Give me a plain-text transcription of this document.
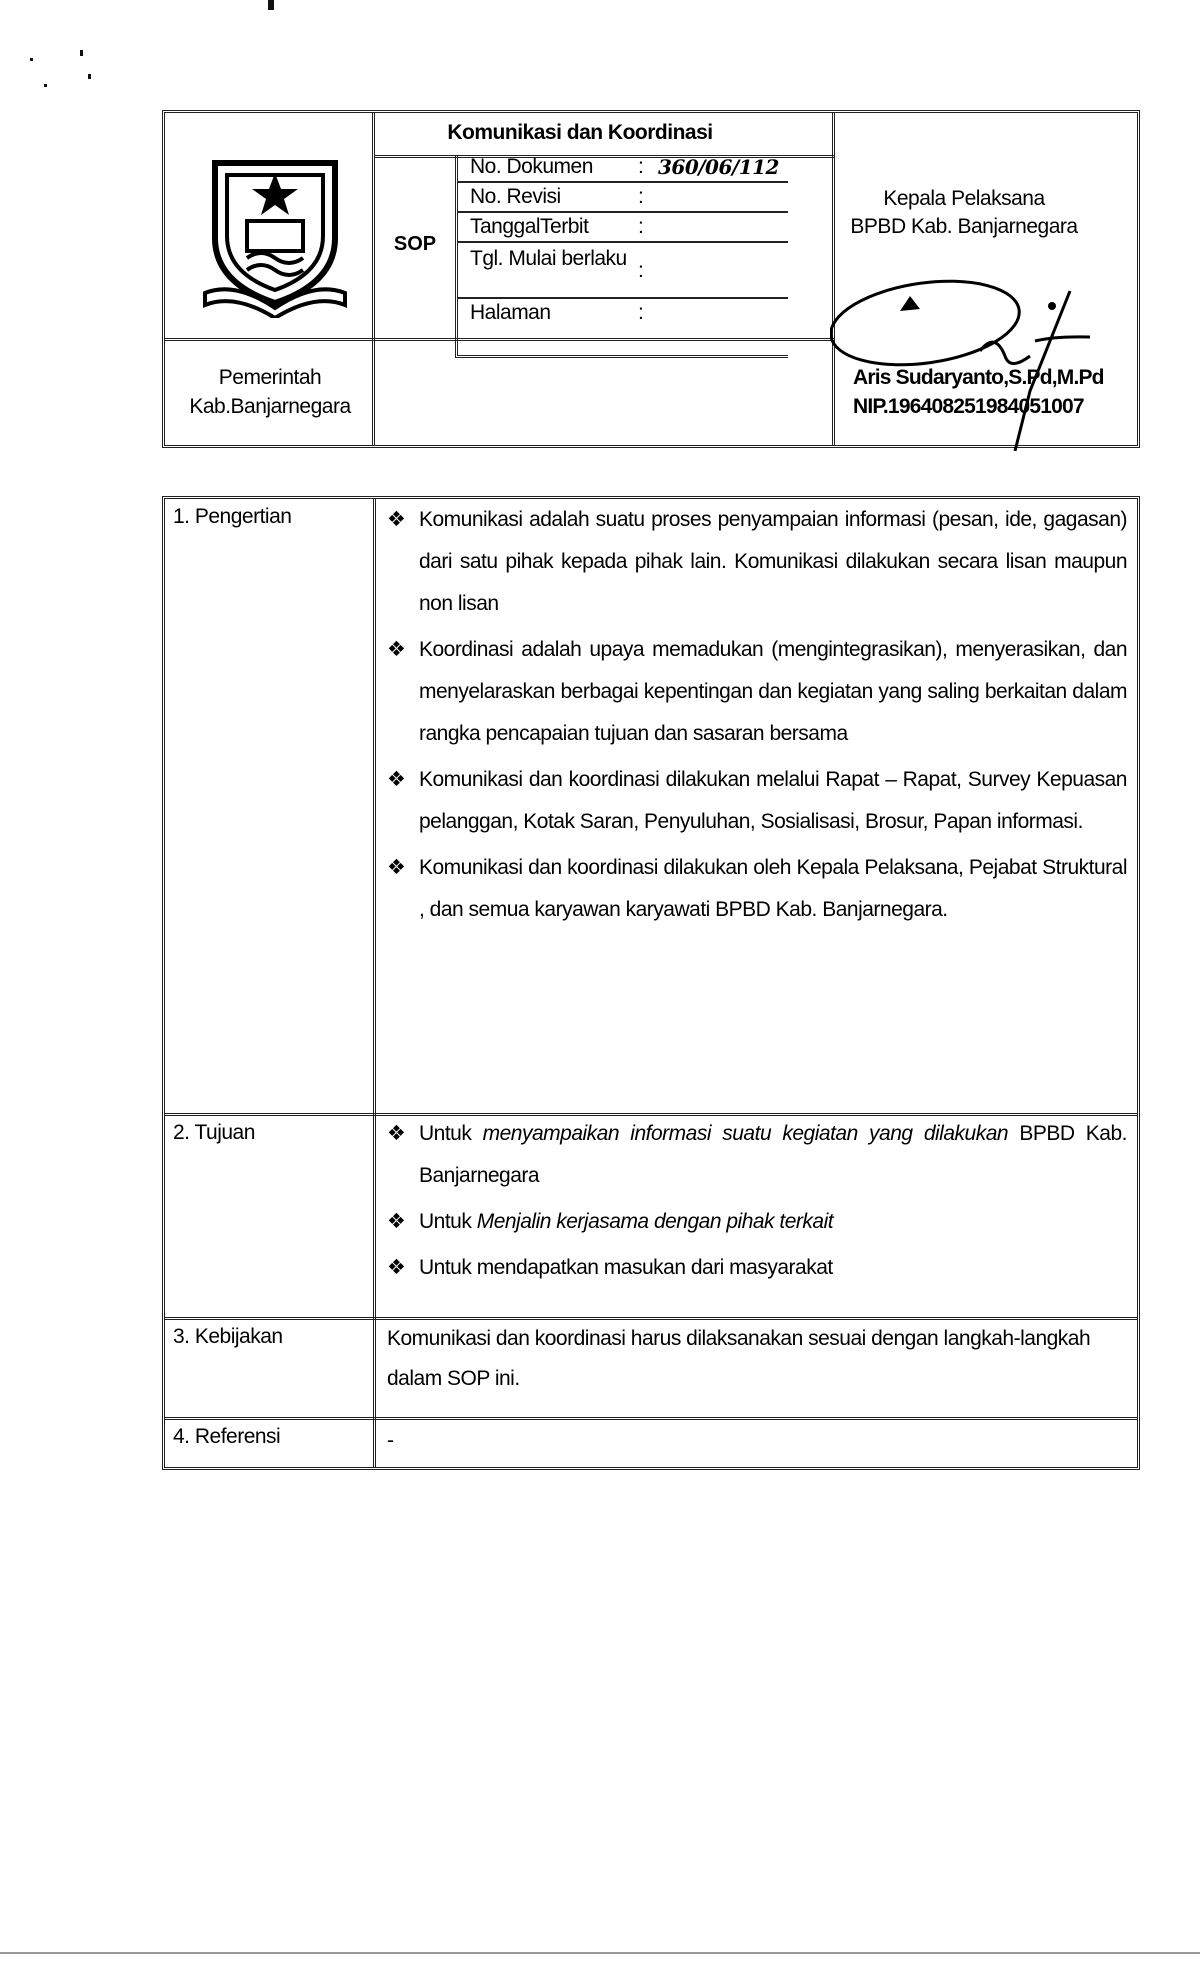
Pemerintah
Kab.Banjarnegara
Komunikasi dan Koordinasi
SOP
No. Dokumen : 360/06/112
No. Revisi	:
TanggalTerbit :
Tgl. Mulai berlaku
:
Halaman	:
Kepala Pelaksana
BPBD Kab. Banjarnegara
Aris Sudaryanto,S.Pd,M.Pd
NIP.196408251984051007
1. Pengertian	❖ Komunikasi adalah suatu proses penyampaian informasi (pesan, ide, gagasan) dari satu pihak kepada pihak lain. Komunikasi dilakukan secara lisan maupun non lisan
❖ Koordinasi adalah upaya memadukan (mengintegrasikan), menyerasikan, dan menyelaraskan berbagai kepentingan dan kegiatan yang saling berkaitan dalam rangka pencapaian tujuan dan sasaran bersama
❖ Komunikasi dan koordinasi dilakukan melalui Rapat – Rapat, Survey Kepuasan pelanggan, Kotak Saran, Penyuluhan, Sosialisasi, Brosur, Papan informasi.
❖ Komunikasi dan koordinasi dilakukan oleh Kepala Pelaksana, Pejabat Struktural , dan semua karyawan karyawati BPBD Kab. Banjarnegara.
2. Tujuan	❖ Untuk menyampaikan informasi suatu kegiatan yang dilakukan BPBD Kab. Banjarnegara
❖ Untuk Menjalin kerjasama dengan pihak terkait
❖ Untuk mendapatkan masukan dari masyarakat
3. Kebijakan	Komunikasi dan koordinasi harus dilaksanakan sesuai dengan langkah-langkah dalam SOP ini.
4. Referensi	-
